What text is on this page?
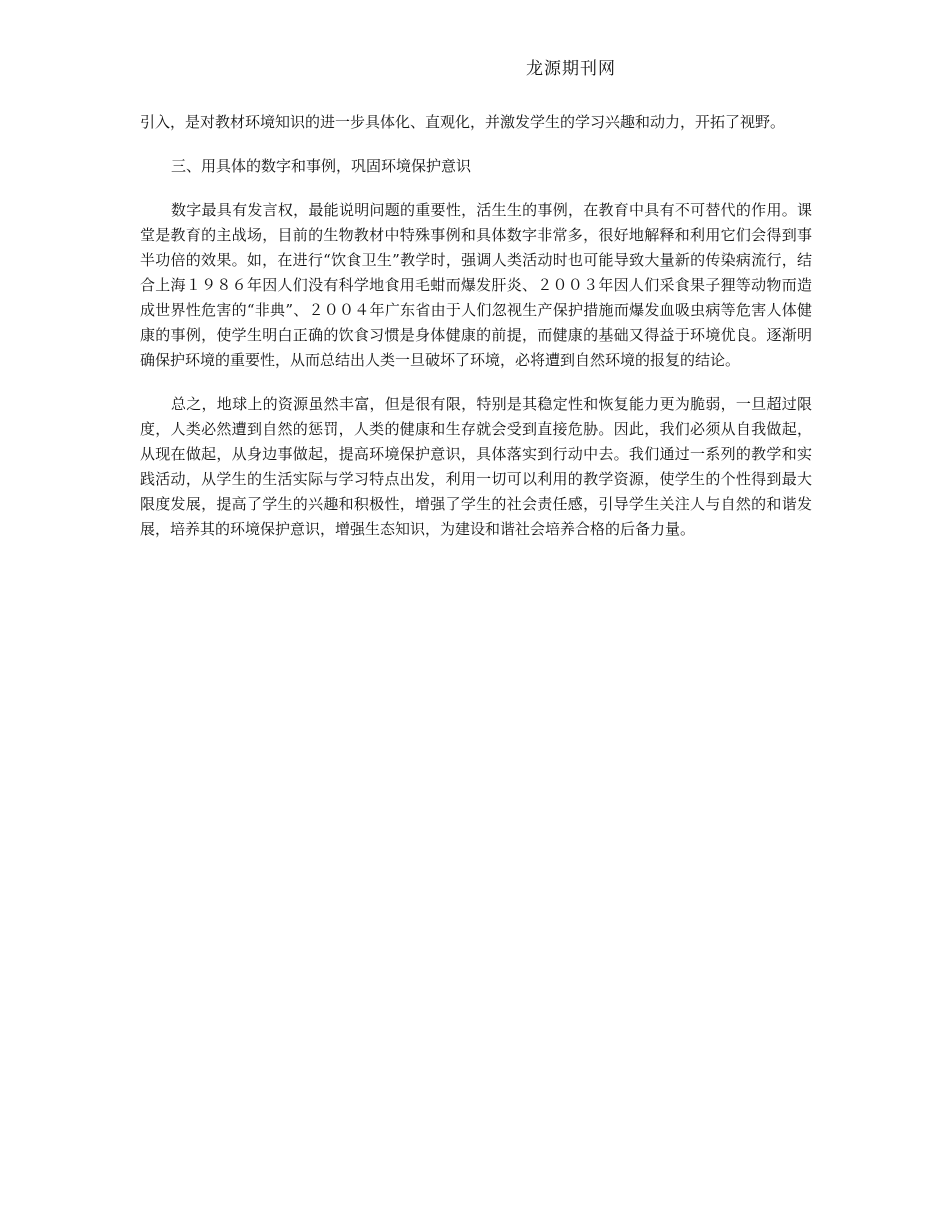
龙源期刊网

引入，是对教材环境知识的进一步具体化、直观化，并激发学生的学习兴趣和动力，开拓了视野。

三、用具体的数字和事例，巩固环境保护意识

数字最具有发言权，最能说明问题的重要性，活生生的事例，在教育中具有不可替代的作用。课堂是教育的主战场，目前的生物教材中特殊事例和具体数字非常多，很好地解释和利用它们会得到事半功倍的效果。如，在进行“饮食卫生”教学时，强调人类活动时也可能导致大量新的传染病流行，结合上海１９８６年因人们没有科学地食用毛蚶而爆发肝炎、２００３年因人们采食果子狸等动物而造成世界性危害的“非典”、２００４年广东省由于人们忽视生产保护措施而爆发血吸虫病等危害人体健康的事例，使学生明白正确的饮食习惯是身体健康的前提，而健康的基础又得益于环境优良。逐渐明确保护环境的重要性，从而总结出人类一旦破坏了环境，必将遭到自然环境的报复的结论。

总之，地球上的资源虽然丰富，但是很有限，特别是其稳定性和恢复能力更为脆弱，一旦超过限度，人类必然遭到自然的惩罚，人类的健康和生存就会受到直接危胁。因此，我们必须从自我做起，从现在做起，从身边事做起，提高环境保护意识，具体落实到行动中去。我们通过一系列的教学和实践活动，从学生的生活实际与学习特点出发，利用一切可以利用的教学资源，使学生的个性得到最大限度发展，提高了学生的兴趣和积极性，增强了学生的社会责任感，引导学生关注人与自然的和谐发展，培养其的环境保护意识，增强生态知识，为建设和谐社会培养合格的后备力量。
